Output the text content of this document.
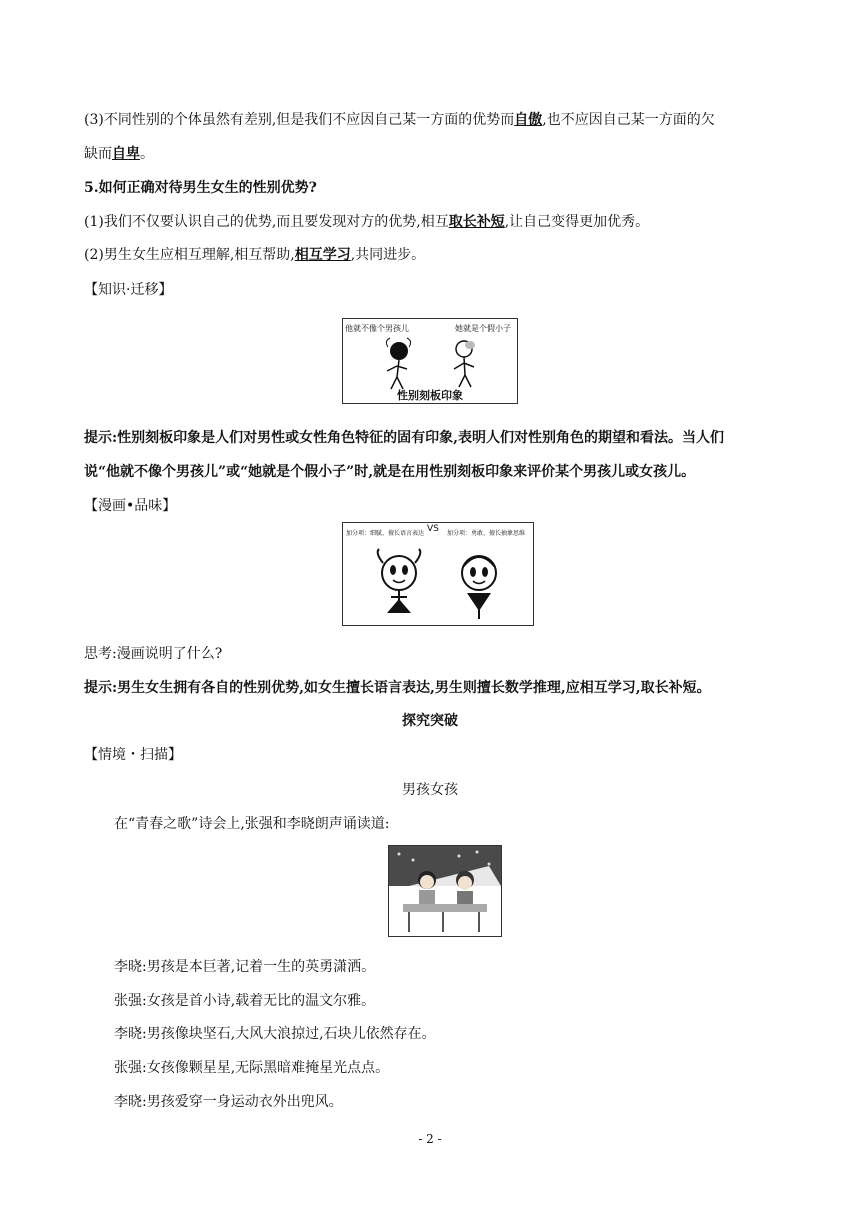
(3)不同性别的个体虽然有差别,但是我们不应因自己某一方面的优势而自傲,也不应因自己某一方面的欠
缺而自卑。
5.如何正确对待男生女生的性别优势?
(1)我们不仅要认识自己的优势,而且要发现对方的优势,相互取长补短,让自己变得更加优秀。
(2)男生女生应相互理解,相互帮助,相互学习,共同进步。
【知识·迁移】
他就不像个男孩儿	她就是个假小子
性别刻板印象
提示:性别刻板印象是人们对男性或女性角色特征的固有印象,表明人们对性别角色的期望和看法。当人们
说“他就不像个男孩儿”或“她就是个假小子”时,就是在用性别刻板印象来评价某个男孩儿或女孩儿。
【漫画•品味】
加分项：细腻、擅长语言表达 VS 加分项：勇敢、擅长抽象思维
思考:漫画说明了什么?
提示:男生女生拥有各自的性别优势,如女生擅长语言表达,男生则擅长数学推理,应相互学习,取长补短。
探究突破
【情境・扫描】
男孩女孩
在“青春之歌”诗会上,张强和李晓朗声诵读道:
李晓:男孩是本巨著,记着一生的英勇潇洒。
张强:女孩是首小诗,载着无比的温文尔雅。
李晓:男孩像块坚石,大风大浪掠过,石块儿依然存在。
张强:女孩像颗星星,无际黑暗难掩星光点点。
李晓:男孩爱穿一身运动衣外出兜风。
- 2 -
